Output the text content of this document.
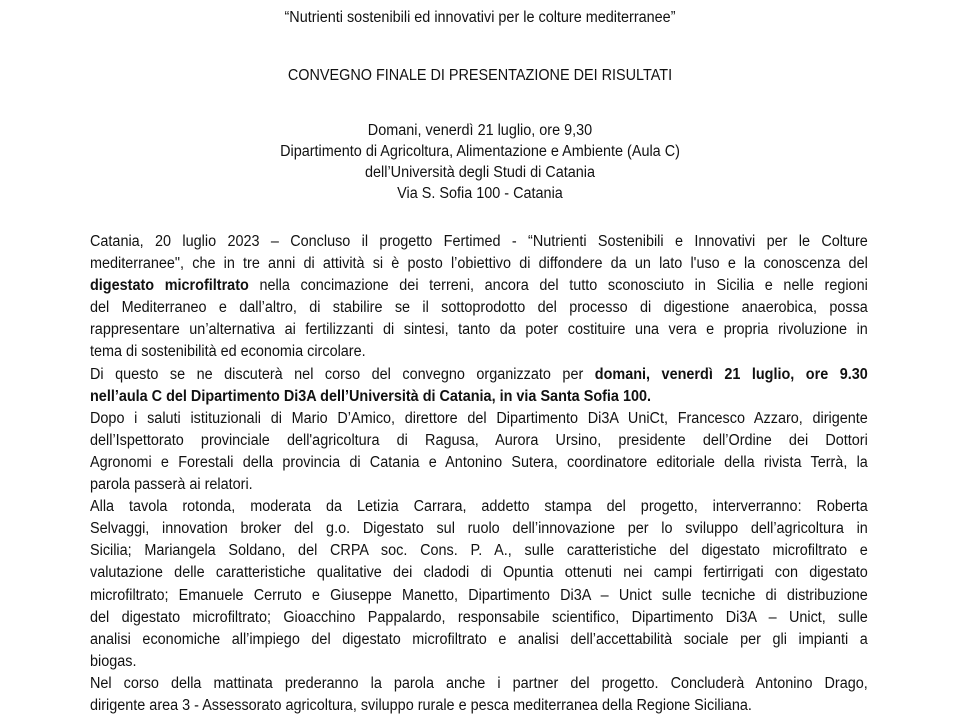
“Nutrienti sostenibili ed innovativi per le colture mediterranee”
CONVEGNO FINALE DI PRESENTAZIONE DEI RISULTATI
Domani, venerdì 21 luglio, ore 9,30
Dipartimento di Agricoltura, Alimentazione e Ambiente (Aula C)
dell’Università degli Studi di Catania
Via S. Sofia 100 - Catania
Catania, 20 luglio 2023 – Concluso il progetto Fertimed - “Nutrienti Sostenibili e Innovativi per le Colture
mediterranee", che in tre anni di attività si è posto l’obiettivo di diffondere da un lato l'uso e la conoscenza del
digestato microfiltrato nella concimazione dei terreni, ancora del tutto sconosciuto in Sicilia e nelle regioni
del Mediterraneo e dall’altro, di stabilire se il sottoprodotto del processo di digestione anaerobica, possa
rappresentare un’alternativa ai fertilizzanti di sintesi, tanto da poter costituire una vera e propria rivoluzione in
tema di sostenibilità ed economia circolare.
Di questo se ne discuterà nel corso del convegno organizzato per domani, venerdì 21 luglio, ore 9.30
nell’aula C del Dipartimento Di3A dell’Università di Catania, in via Santa Sofia 100.
Dopo i saluti istituzionali di Mario D’Amico, direttore del Dipartimento Di3A UniCt, Francesco Azzaro, dirigente
dell’Ispettorato provinciale dell'agricoltura di Ragusa, Aurora Ursino, presidente dell’Ordine dei Dottori
Agronomi e Forestali della provincia di Catania e Antonino Sutera, coordinatore editoriale della rivista Terrà, la
parola passerà ai relatori.
Alla tavola rotonda, moderata da Letizia Carrara, addetto stampa del progetto, interverranno: Roberta
Selvaggi, innovation broker del g.o. Digestato sul ruolo dell’innovazione per lo sviluppo dell’agricoltura in
Sicilia; Mariangela Soldano, del CRPA soc. Cons. P. A., sulle caratteristiche del digestato microfiltrato e
valutazione delle caratteristiche qualitative dei cladodi di Opuntia ottenuti nei campi fertirrigati con digestato
microfiltrato; Emanuele Cerruto e Giuseppe Manetto, Dipartimento Di3A – Unict sulle tecniche di distribuzione
del digestato microfiltrato; Gioacchino Pappalardo, responsabile scientifico, Dipartimento Di3A – Unict, sulle
analisi economiche all’impiego del digestato microfiltrato e analisi dell’accettabilità sociale per gli impianti a
biogas.
Nel corso della mattinata prederanno la parola anche i partner del progetto. Concluderà Antonino Drago,
dirigente area 3 - Assessorato agricoltura, sviluppo rurale e pesca mediterranea della Regione Siciliana.
